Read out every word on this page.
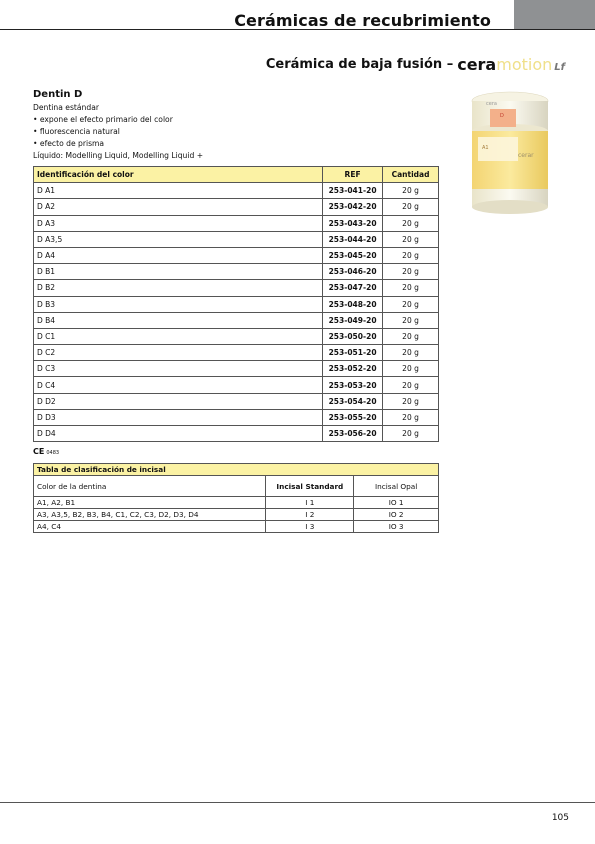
Cerámicas de recubrimiento
Cerámica de baja fusión – cera motion Lf
Dentin D
Dentina estándar
• expone el efecto primario del color
• fluorescencia natural
• efecto de prisma
Líquido: Modelling Liquid, Modelling Liquid +
cera
D
A1
cerar
Identificación del color	REF	Cantidad
D A1	253-041-20	20 g
D A2	253-042-20	20 g
D A3	253-043-20	20 g
D A3,5	253-044-20	20 g
D A4	253-045-20	20 g
D B1	253-046-20	20 g
D B2	253-047-20	20 g
D B3	253-048-20	20 g
D B4	253-049-20	20 g
D C1	253-050-20	20 g
D C2	253-051-20	20 g
D C3	253-052-20	20 g
D C4	253-053-20	20 g
D D2	253-054-20	20 g
D D3	253-055-20	20 g
D D4	253-056-20	20 g
CE 0483
Tabla de clasificación de incisal		
Color de la dentina	Incisal Standard	Incisal Opal
A1, A2, B1	I 1	IO 1
A3, A3,5, B2, B3, B4, C1, C2, C3, D2, D3, D4	I 2	IO 2
A4, C4	I 3	IO 3
105
